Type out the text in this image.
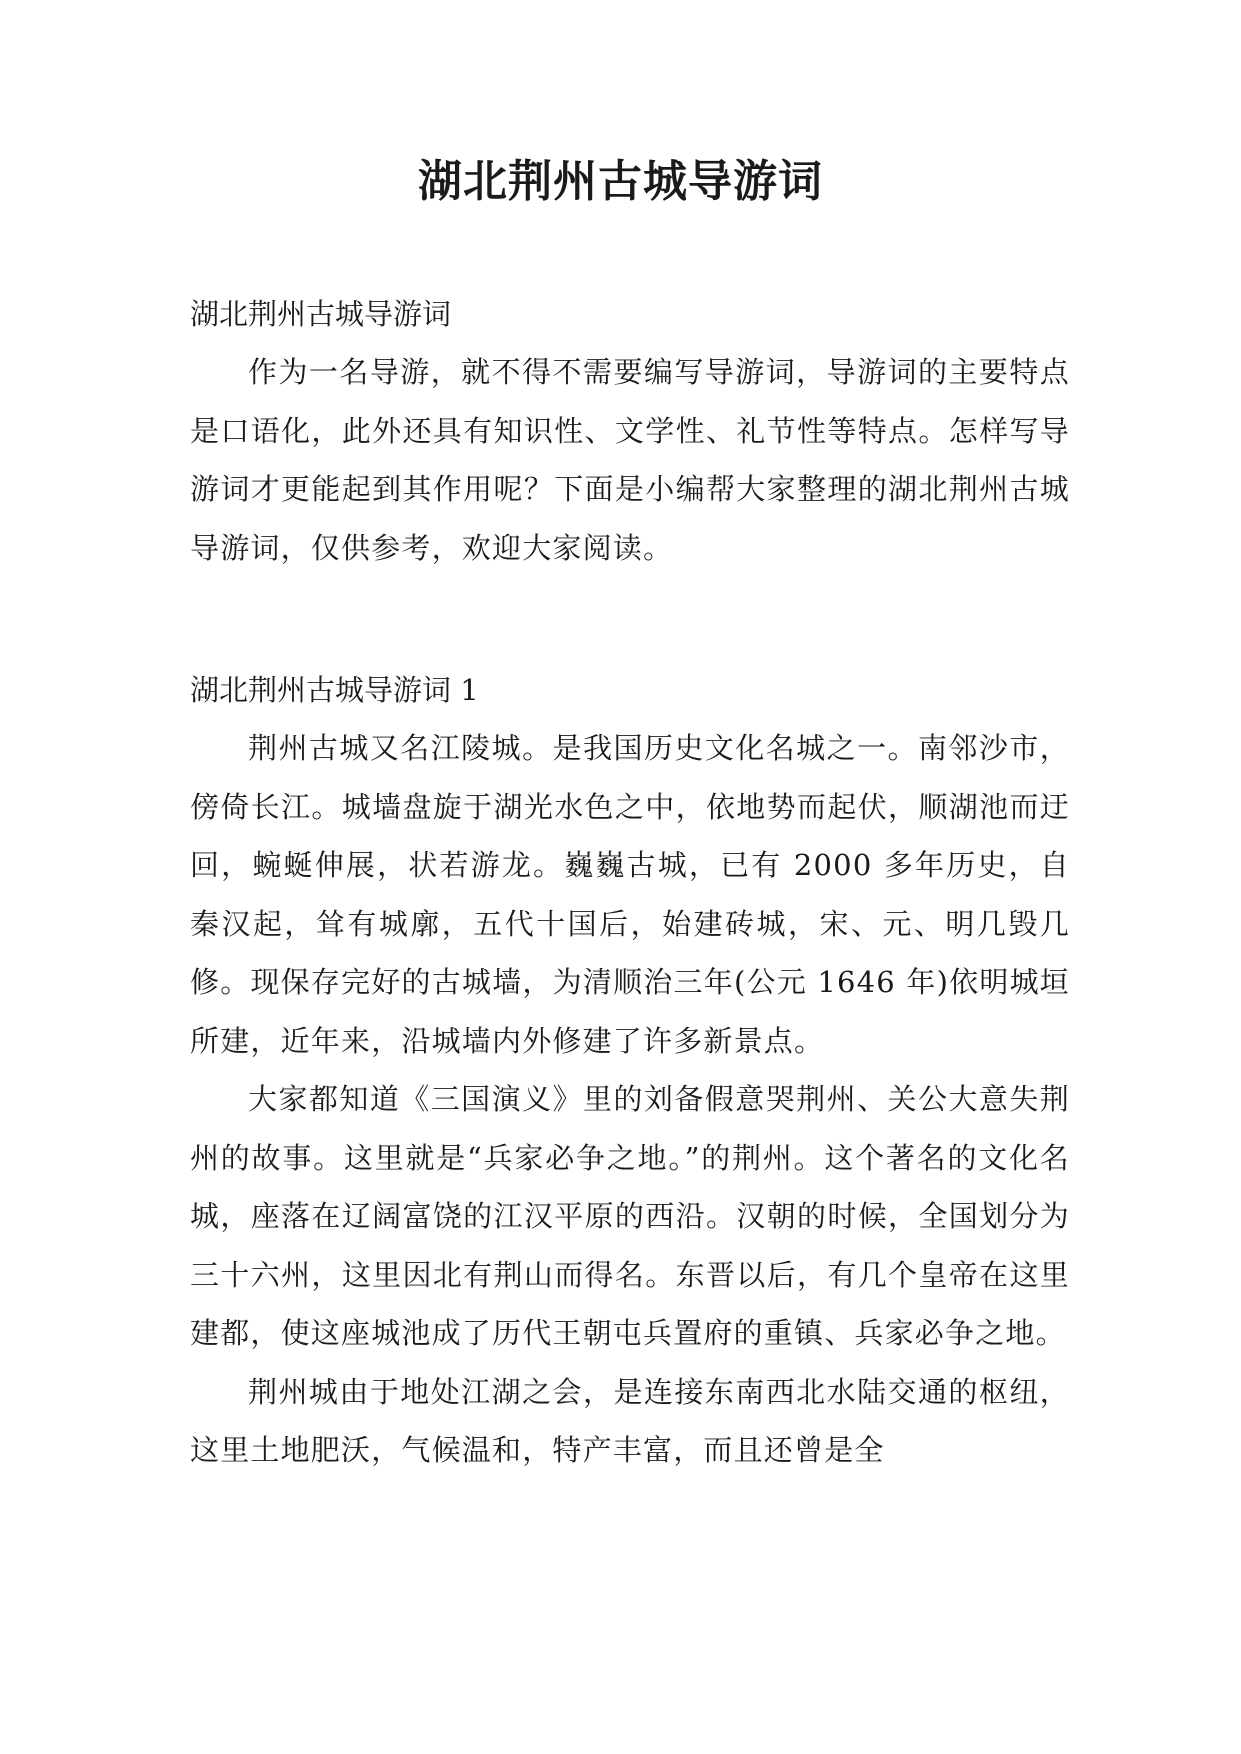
湖北荆州古城导游词
湖北荆州古城导游词

作为一名导游，就不得不需要编写导游词，导游词的主要特点是口语化，此外还具有知识性、文学性、礼节性等特点。怎样写导游词才更能起到其作用呢？下面是小编帮大家整理的湖北荆州古城导游词，仅供参考，欢迎大家阅读。

湖北荆州古城导游词 1

荆州古城又名江陵城。是我国历史文化名城之一。南邻沙市，傍倚长江。城墙盘旋于湖光水色之中，依地势而起伏，顺湖池而迂回，蜿蜒伸展，状若游龙。巍巍古城，已有 2000 多年历史，自秦汉起，耸有城廓，五代十国后，始建砖城，宋、元、明几毁几修。现保存完好的古城墙，为清顺治三年(公元 1646 年)依明城垣所建，近年来，沿城墙内外修建了许多新景点。

大家都知道《三国演义》里的刘备假意哭荆州、关公大意失荆州的故事。这里就是“兵家必争之地。”的荆州。这个著名的文化名城，座落在辽阔富饶的江汉平原的西沿。汉朝的时候，全国划分为三十六州，这里因北有荆山而得名。东晋以后，有几个皇帝在这里建都，使这座城池成了历代王朝屯兵置府的重镇、兵家必争之地。

荆州城由于地处江湖之会，是连接东南西北水陆交通的枢纽，这里土地肥沃，气候温和，特产丰富，而且还曾是全
